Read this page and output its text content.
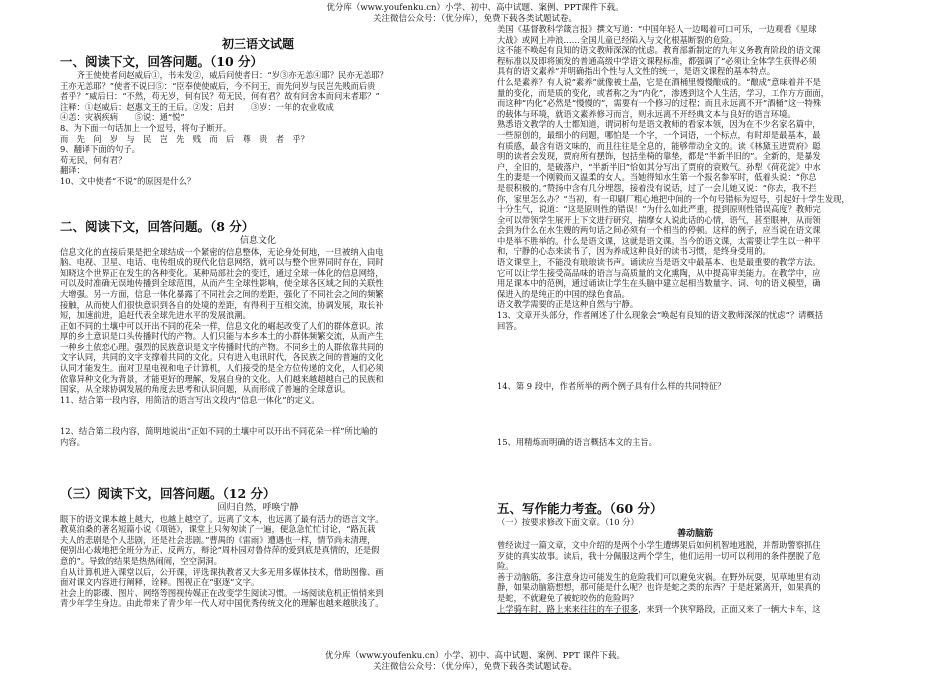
优分库（www.youfenku.cn）小学、初中、高中试题、案例、PPT课件下载。
关注微信公众号：（优分库），免费下载各类试题试卷。
初三语文试题
一、阅读下文，回答问题。（10 分）

齐王使使者问赵威后①，书未发②，威后问使者曰：“岁③亦无恙④耶？民亦无恙耶？

王亦无恙耶？”使者不说曰⑤：“臣奉使使威后，今不问王，而先问岁与民岂先贱而后贵

者乎？”威后曰：“不然，苟无岁，何有民？苟无民，何有君？故有问舍本而问末者耶？”

注释：①赵威后：赵惠文王的王后。②发：启封　　③岁：一年的农业收成

④恙：灾祸疾病　　⑤说：通“悦”

8、为下面一句话加上一个逗号，将句子断开。

而　先　问　岁　与　民　岂　先　贱　而　后　尊　贵　者　乎？

9、翻译下面的句子。

苟无民，何有君？

翻译：

10、文中使者“不说”的原因是什么？

二、阅读下文，回答问题。（8 分）
信息文化

信息文化的直接后果是把全球结成一个紧密的信息整体，无论身处何地，一旦被纳入由电

脑、电视、卫星、电话、电传组成的现代化信息网络，就可以与整个世界同时存在，同时

知晓这个世界正在发生的各种变化。某种局部社会的变迁，通过全球一体化的信息网络，

可以及时准确无误地传播到全球范围，从而产生全球性影响，使全球各区域之间的关联性

大增强。另一方面，信息一体化暴露了不同社会之间的差距，强化了不同社会之间的频繁

接触，从而使人们很快意识到各自的处境的差距，有得利于互相交流，协调发展，取长补

短，加速前进，追赶代表全球先进水平的发展浪潮。

正如不同的土壤中可以开出不同的花朵一样，信息文化的崛起改变了人们的群体意识。浓

厚的乡土意识是口头传播时代的产物。人们只能与本乡本土的小群体频繁交流，从而产生

一种乡土依恋心理。强烈的民族意识是文字传播时代的产物。不同乡土的人群依靠共同的

文字认同，共同的文字支撑着共同的文化。只有进入电讯时代，各民族之间的普遍的文化

认同才能发生。面对卫星电视和电子计算机，人们接受的是全方位传递的文化，人们必须

依靠异种文化为背景，才能更好的理解，发展自身的文化。人们越来越超越自己的民族和

国家，从全球协调发展的角度去思考和认识问题，从而形成了普遍的全球意识。

11、结合第一段内容，用简洁的语言写出文段内“信息一体化”的定义。

12、结合第二段内容，简明地说出“正如不同的土壤中可以开出不同花朵一样”所比喻的

内容。

（三）阅读下文，回答问题。（12 分）
回归自然，呼唤宁静

眼下的语文课本越上越大，也越上越空了。远离了文本，也远离了最有活力的语言文字。

教莫泊桑的著名短篇小说《项链》，课堂上只匆匆读了一遍，便急急忙忙讨论，“路瓦栽

夫人的悲剧是个人悲剧，还是社会悲剧。”曹禺的《雷雨》遭遇也一样，情节尚未清理，

便别出心裁地把全班分为正、反两方，辩论“周朴园对鲁侍萍的爱到底是真情的，还是假

意的”。导致的结果是热热闹闹，空空洞洞。

自从计算机进入课堂以后，公开课，评选课执教者又大多无用多媒体技术，借助图像、画

面对课文内容进行阐释，诠释。图视正在“驱逐”文字。

社会上的影碟、图片、网络等图视传媒正在改变学生阅读习惯。一场阅读危机正悄悄来到

青少年学生身边。由此带来了青少年一代人对中国优秀传统文化的理解也越来越肤浅了。

美国《基督教科学箴言报》撰文写道：“中国年轻人一边喝着可口可乐，一边观看《星球

大战》或网上冲浪……全国儿童已经陷入与文化根基断裂的危险。

这不能不唤起有良知的语文教师深深的忧虑。教育部新制定的九年义务教育阶段的语文课

程标准以及即将颁发的普通高级中学语文课程标准，都强调了“必须让全体学生获得必须

具有的语文素养”并明确指出个性与人文性的统一，是语文课程的基本特点。

什么是素养？有人说“素养”就像被土晶，它是在酒桶里慢慢酿成的。“酿成”意味着并不是

量的变化，而是质的变化，或者称之为“内化”，渗透到这个人生活，学习，工作方方面面，

而这种“内化”必然是“慢慢的”，需要有一个修习的过程；而且永远离不开“酒桶”这一特殊

的载体与环境，就语文素养修习而言，则永远离不开经典文本与良好的语言环境。

熟悉语文教学的人士都知道，谓词析句是语文教师的看家本领，因为在不少名家名篇中，

一些原创的，最细小的问题，哪怕是一个字，一个词语，一个标点，有时却是最基本，最

有质感，最含有语文味的，而且往往是全息的，能够带动全文的。读《林黛玉进贾府》聪

明的读者会发现，贾府所有摆饰，包括坐椅的靠垫，都是“半新半旧的”。全新的，是暴发

户，全旧的，是破落户，“半新半旧”恰如其分写出了贾府的衰败气。孙犁《荷花淀》中水

生的妻是一个刚毅而又温柔的女人。当她得知水生第一个报名参军时，低着头说：“你总

是很积极的。”赞扬中含有几分埋怨，接着没有说话，过了一会儿她又说：“你去，我不拦

你，家里怎么办？”当初，有一印刷厂粗心地把中间的一个句号错标为逗号，引起好十学生发现，

十分生气，说道：“这是原则性的错误！”为什么如此严重，提到原则性错误高度？教师完

全可以带领学生展开上下文进行研究，揣摩女人说此话的心情，语气，甚至眼神，从而领

会到为什么在水生嫂的两句话之间必须有一个相当的停顿。这样的例子，应当说在语文课

中是举不胜举的。什么是语文课，这就是语文课。当今的语文课，太需要让学生以一种平

和，宁静的心态来读书了，因为养成这种良好的读书习惯，是终身受用的。

语文课堂上，不能没有琅琅读书声。诵读应当是语文中最基本、也是最重要的教学方法。

它可以让学生接受高品味的语言与高质量的文化熏陶，从中提高审美能力。在教学中，应

用足课本中的范例，通过诵读让学生在头脑中建立起相当数量字、词、句的语义模型，确

保进入的是纯正的中国的绿色食品。

语文教学需要的正是这种自然与宁静。

13、文章开头部分，作者阐述了什么现象会“唤起有良知的语文教师深深的忧虑”？请概括

回答。

14、第 9 段中，作者所举的两个例子具有什么样的共同特征？

15、用精炼而明确的语言概括本文的主旨。

五、写作能力考查。（60 分）

（一）按要求修改下面文章。（10 分）

善动脑筋

曾经读过一篇文章，文中介绍的是两个小学生遭绑架后如何机智地逃脱，并帮助警察抓住

歹徒的真实故事。读后，我十分佩服这两个学生，他们运用一切可以利用的条件摆脱了危

险。

善于动脑筋，多注意身边可能发生的危险我们可以避免灾祸。在野外玩耍，见草地里有动

静，如果动脑筋想想，那可能是什么呢？也许是蛇之类的东西？于是赶紧离开，如果真的

是蛇，不就避免了被蛇咬伤的危险吗？

上学骑车时，路上来来往往的车子很多，来到一个狭窄路段，正面又来了一辆大卡车，这

优分库（www.youfenku.cn）小学、初中、高中试题、案例、PPT 课件下载。
关注微信公众号：（优分库），免费下载各类试题试卷。
